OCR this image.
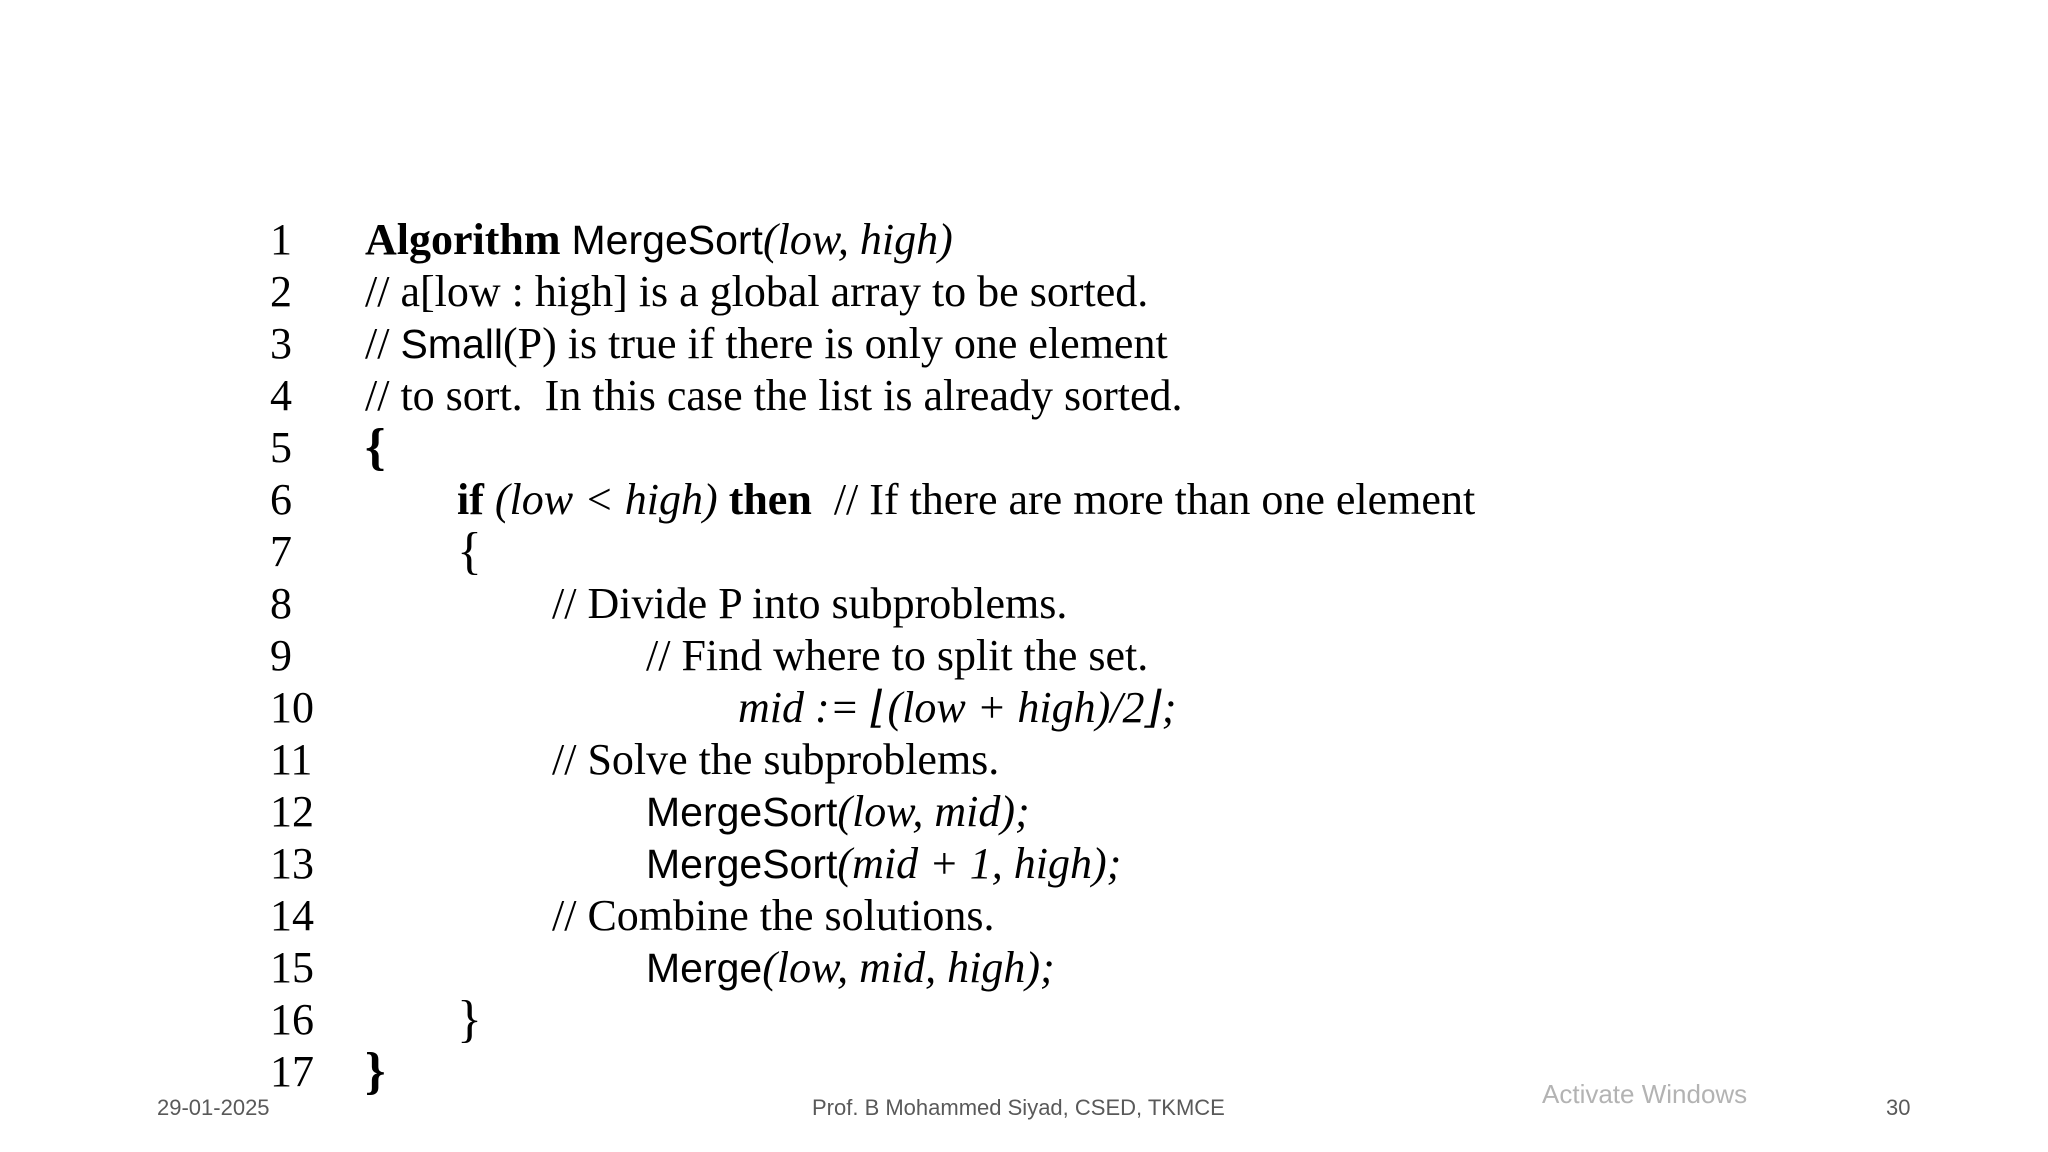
1 Algorithm MergeSort(low, high)
2 // a[low : high] is a global array to be sorted.
3 // Small(P) is true if there is only one element
4 // to sort.  In this case the list is already sorted.
5 {
6	if (low < high) then  // If there are more than one element
7	{
8	// Divide P into subproblems.
9	// Find where to split the set.
10	mid := ⌊(low + high)/2⌋;
11	// Solve the subproblems.
12	MergeSort(low, mid);
13	MergeSort(mid + 1, high);
14	// Combine the solutions.
15	Merge(low, mid, high);
16	}
17 }
29-01-2025	Prof. B Mohammed Siyad, CSED, TKMCE	Activate Windows	30
